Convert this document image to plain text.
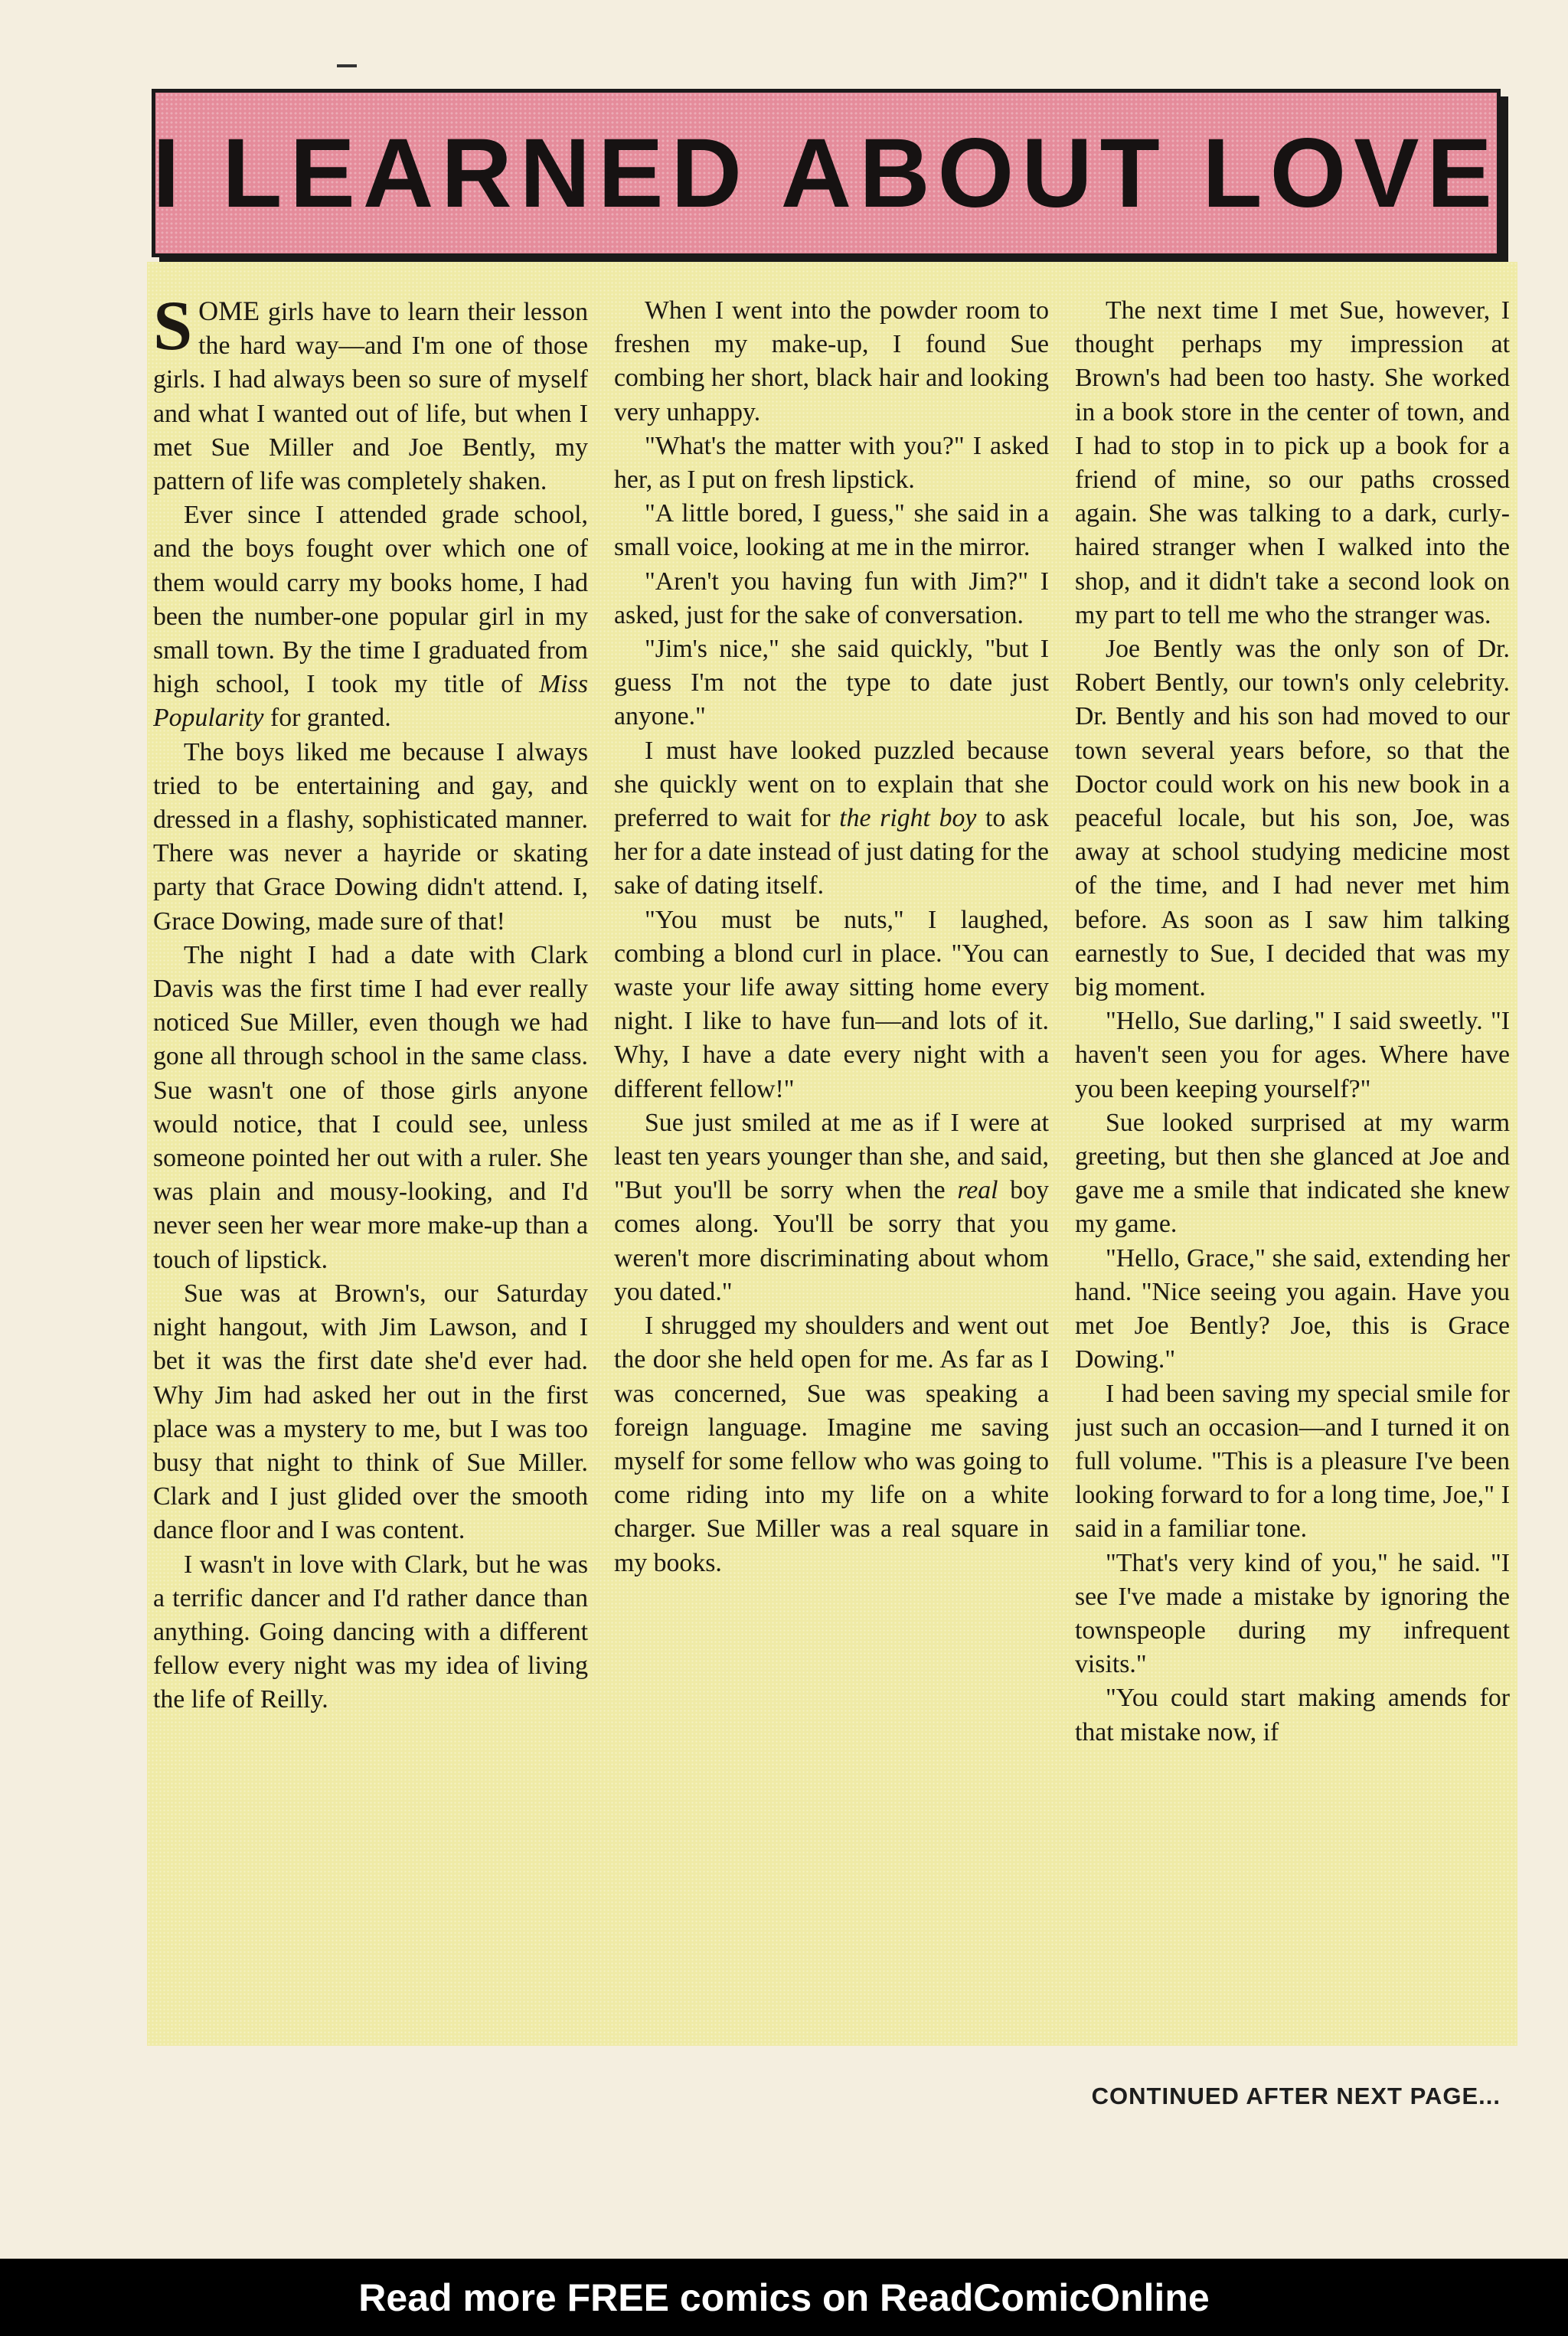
I LEARNED ABOUT LOVE

SOME girls have to learn their lesson the hard way—and I'm one of those girls. I had always been so sure of myself and what I wanted out of life, but when I met Sue Miller and Joe Bently, my pattern of life was completely shaken.

Ever since I attended grade school, and the boys fought over which one of them would carry my books home, I had been the number-one popular girl in my small town. By the time I graduated from high school, I took my title of Miss Popularity for granted.

The boys liked me because I always tried to be entertaining and gay, and dressed in a flashy, sophisticated manner. There was never a hayride or skating party that Grace Dowing didn't attend. I, Grace Dowing, made sure of that!

The night I had a date with Clark Davis was the first time I had ever really noticed Sue Miller, even though we had gone all through school in the same class. Sue wasn't one of those girls anyone would notice, that I could see, unless someone pointed her out with a ruler. She was plain and mousy-looking, and I'd never seen her wear more make-up than a touch of lipstick.

Sue was at Brown's, our Saturday night hangout, with Jim Lawson, and I bet it was the first date she'd ever had. Why Jim had asked her out in the first place was a mystery to me, but I was too busy that night to think of Sue Miller. Clark and I just glided over the smooth dance floor and I was content.

I wasn't in love with Clark, but he was a terrific dancer and I'd rather dance than anything. Going dancing with a different fellow every night was my idea of living the life of Reilly.

When I went into the powder room to freshen my make-up, I found Sue combing her short, black hair and looking very unhappy.

"What's the matter with you?" I asked her, as I put on fresh lipstick.

"A little bored, I guess," she said in a small voice, looking at me in the mirror.

"Aren't you having fun with Jim?" I asked, just for the sake of conversation.

"Jim's nice," she said quickly, "but I guess I'm not the type to date just anyone."

I must have looked puzzled because she quickly went on to explain that she preferred to wait for the right boy to ask her for a date instead of just dating for the sake of dating itself.

"You must be nuts," I laughed, combing a blond curl in place. "You can waste your life away sitting home every night. I like to have fun—and lots of it. Why, I have a date every night with a different fellow!"

Sue just smiled at me as if I were at least ten years younger than she, and said, "But you'll be sorry when the real boy comes along. You'll be sorry that you weren't more discriminating about whom you dated."

I shrugged my shoulders and went out the door she held open for me. As far as I was concerned, Sue was speaking a foreign language. Imagine me saving myself for some fellow who was going to come riding into my life on a white charger. Sue Miller was a real square in my books.

The next time I met Sue, however, I thought perhaps my impression at Brown's had been too hasty. She worked in a book store in the center of town, and I had to stop in to pick up a book for a friend of mine, so our paths crossed again. She was talking to a dark, curly-haired stranger when I walked into the shop, and it didn't take a second look on my part to tell me who the stranger was.

Joe Bently was the only son of Dr. Robert Bently, our town's only celebrity. Dr. Bently and his son had moved to our town several years before, so that the Doctor could work on his new book in a peaceful locale, but his son, Joe, was away at school studying medicine most of the time, and I had never met him before. As soon as I saw him talking earnestly to Sue, I decided that was my big moment.

"Hello, Sue darling," I said sweetly. "I haven't seen you for ages. Where have you been keeping yourself?"

Sue looked surprised at my warm greeting, but then she glanced at Joe and gave me a smile that indicated she knew my game.

"Hello, Grace," she said, extending her hand. "Nice seeing you again. Have you met Joe Bently? Joe, this is Grace Dowing."

I had been saving my special smile for just such an occasion—and I turned it on full volume. "This is a pleasure I've been looking forward to for a long time, Joe," I said in a familiar tone.

"That's very kind of you," he said. "I see I've made a mistake by ignoring the townspeople during my infrequent visits."

"You could start making amends for that mistake now, if

CONTINUED AFTER NEXT PAGE...
Read more FREE comics on ReadComicOnline
